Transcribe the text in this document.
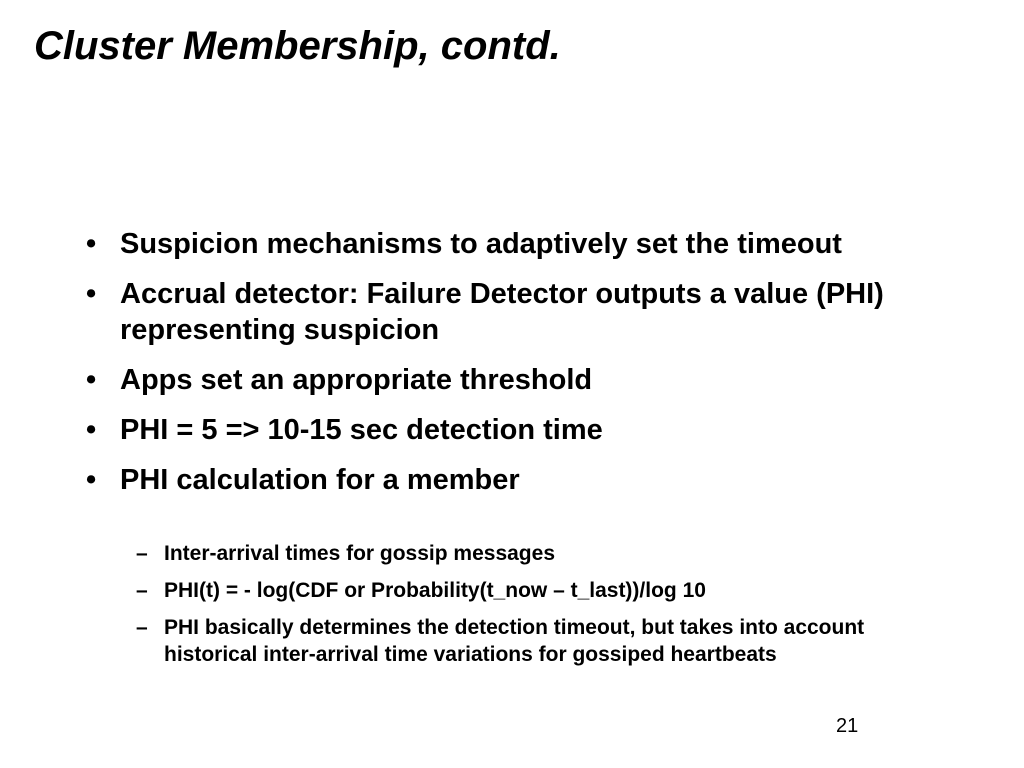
Cluster Membership, contd.
• Suspicion mechanisms to adaptively set the timeout
• Accrual detector: Failure Detector outputs a value (PHI) representing suspicion
• Apps set an appropriate threshold
• PHI = 5 => 10-15 sec detection time
• PHI calculation for a member
– Inter-arrival times for gossip messages
– PHI(t) = - log(CDF or Probability(t_now – t_last))/log 10
– PHI basically determines the detection timeout, but takes into account historical inter-arrival time variations for gossiped heartbeats
21
